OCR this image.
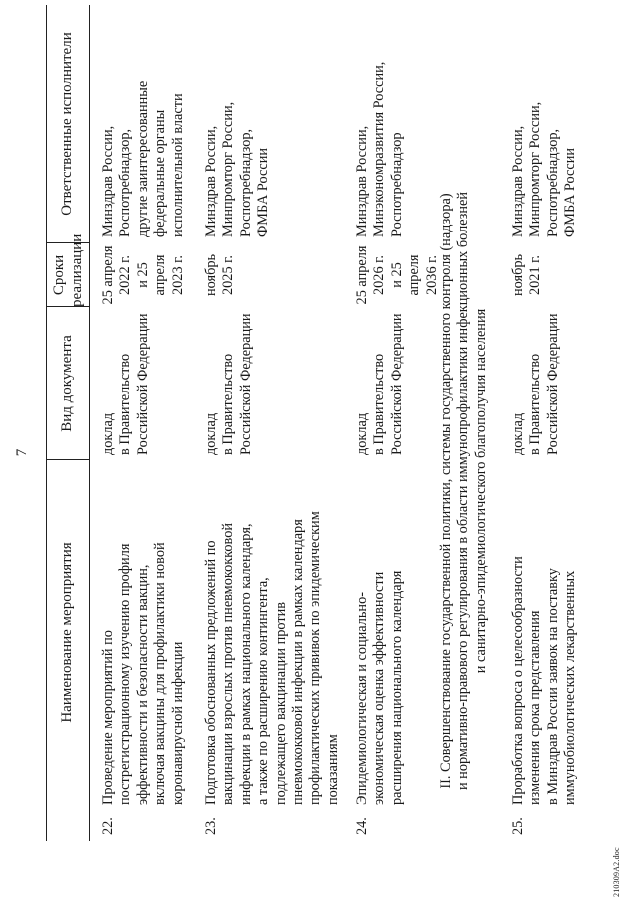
7
Наименование мероприятия
Вид документа
Сроки реализации
Ответственные исполнители
22.
Проведение мероприятий по пострегистрационному изучению профиля эффективности и безопасности вакцин, включая вакцины для профилактики новой коронавирусной инфекции
доклад в Правительство Российской Федерации
25 апреля 2022 г. и 25 апреля 2023 г.
Минздрав России, Роспотребнадзор, другие заинтересованные федеральные органы исполнительной власти
23.
Подготовка обоснованных предложений по вакцинации взрослых против пневмококковой инфекции в рамках национального календаря, а также по расширению контингента, подлежащего вакцинации против пневмококковой инфекции в рамках календаря профилактических прививок по эпидемическим показаниям
доклад в Правительство Российской Федерации
ноябрь 2025 г.
Минздрав России, Минпромторг России, Роспотребнадзор, ФМБА России
24.
Эпидемиологическая и социально- экономическая оценка эффективности расширения национального календаря
доклад в Правительство Российской Федерации
25 апреля 2026 г. и 25 апреля 2036 г.
Минздрав России, Минэкономразвития России, Роспотребнадзор
II. Совершенствование государственной политики, системы государственного контроля (надзора) и нормативно-правового регулирования в области иммунопрофилактики инфекционных болезней и санитарно-эпидемиологического благополучия населения
25.
Проработка вопроса о целесообразности изменения срока представления в Минздрав России заявок на поставку иммунобиологических лекарственных
доклад в Правительство Российской Федерации
ноябрь 2021 г.
Минздрав России, Минпромторг России, Роспотребнадзор, ФМБА России
210309A2.doc
